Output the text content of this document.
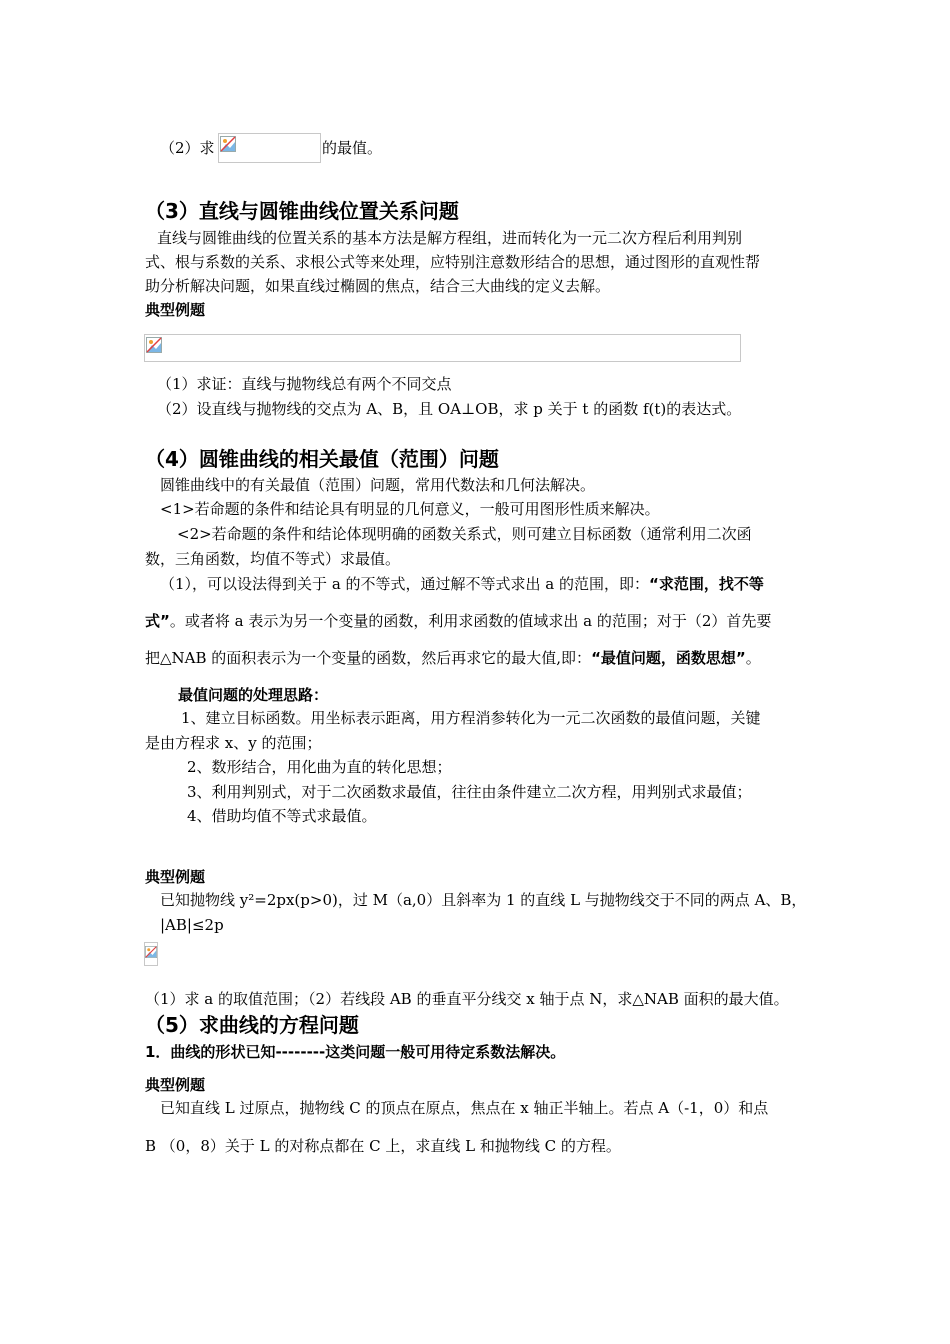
（2）求	的最值。
（3）直线与圆锥曲线位置关系问题
直线与圆锥曲线的位置关系的基本方法是解方程组，进而转化为一元二次方程后利用判别
式、根与系数的关系、求根公式等来处理，应特别注意数形结合的思想，通过图形的直观性帮
助分析解决问题，如果直线过椭圆的焦点，结合三大曲线的定义去解。
典型例题
（1）求证：直线与抛物线总有两个不同交点
（2）设直线与抛物线的交点为 A、B，且 OA⊥OB，求 p 关于 t 的函数 f(t)的表达式。
（4）圆锥曲线的相关最值（范围）问题
圆锥曲线中的有关最值（范围）问题，常用代数法和几何法解决。
<1>若命题的条件和结论具有明显的几何意义，一般可用图形性质来解决。
<2>若命题的条件和结论体现明确的函数关系式，则可建立目标函数（通常利用二次函
数，三角函数，均值不等式）求最值。
（1），可以设法得到关于 a 的不等式，通过解不等式求出 a 的范围，即：“求范围，找不等
式”。或者将 a 表示为另一个变量的函数，利用求函数的值域求出 a 的范围；对于（2）首先要
把△NAB 的面积表示为一个变量的函数，然后再求它的最大值,即：“最值问题，函数思想”。
最值问题的处理思路：
1、建立目标函数。用坐标表示距离，用方程消参转化为一元二次函数的最值问题，关键
是由方程求 x、y 的范围；
2、数形结合，用化曲为直的转化思想；
3、利用判别式，对于二次函数求最值，往往由条件建立二次方程，用判别式求最值；
4、借助均值不等式求最值。
典型例题
已知抛物线 y²=2px(p>0)，过 M（a,0）且斜率为 1 的直线 L 与抛物线交于不同的两点 A、B，
|AB|≤2p
（1）求 a 的取值范围；（2）若线段 AB 的垂直平分线交 x 轴于点 N，求△NAB 面积的最大值。
（5）求曲线的方程问题
1．曲线的形状已知--------这类问题一般可用待定系数法解决。
典型例题
已知直线 L 过原点，抛物线 C 的顶点在原点，焦点在 x 轴正半轴上。若点 A（-1，0）和点
B （0，8）关于 L 的对称点都在 C 上，求直线 L 和抛物线 C 的方程。
